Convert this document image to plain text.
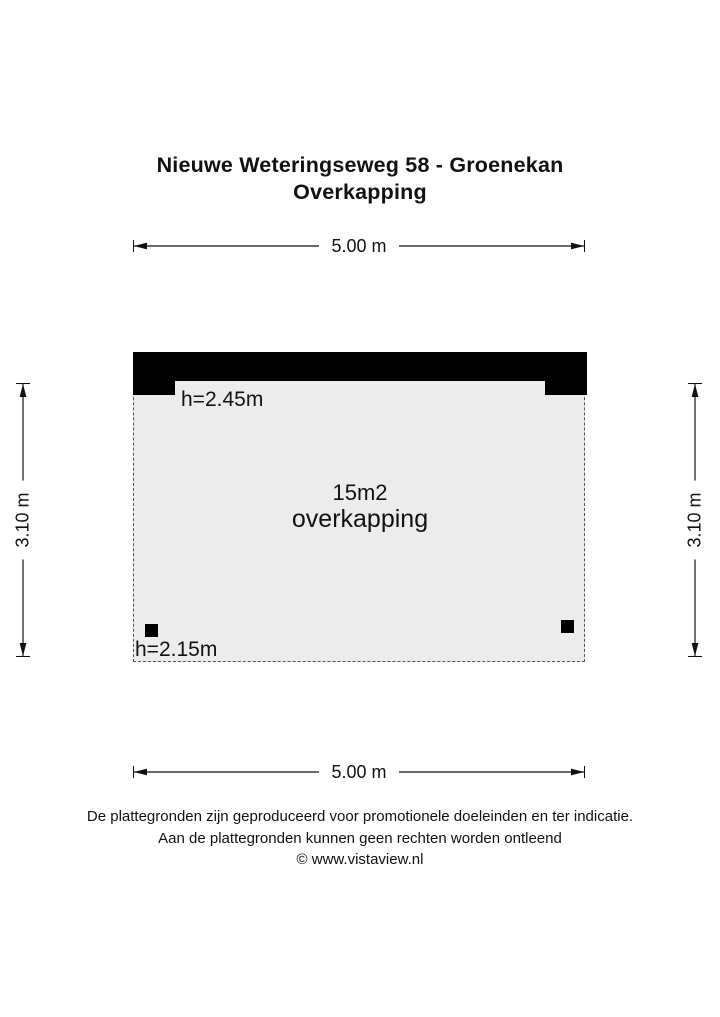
Nieuwe Weteringseweg 58 - Groenekan
Overkapping
5.00 m
3.10 m	3.10 m
h=2.45m
15m2
overkapping
h=2.15m
5.00 m
De plattegronden zijn geproduceerd voor promotionele doeleinden en ter indicatie.
Aan de plattegronden kunnen geen rechten worden ontleend
© www.vistaview.nl
